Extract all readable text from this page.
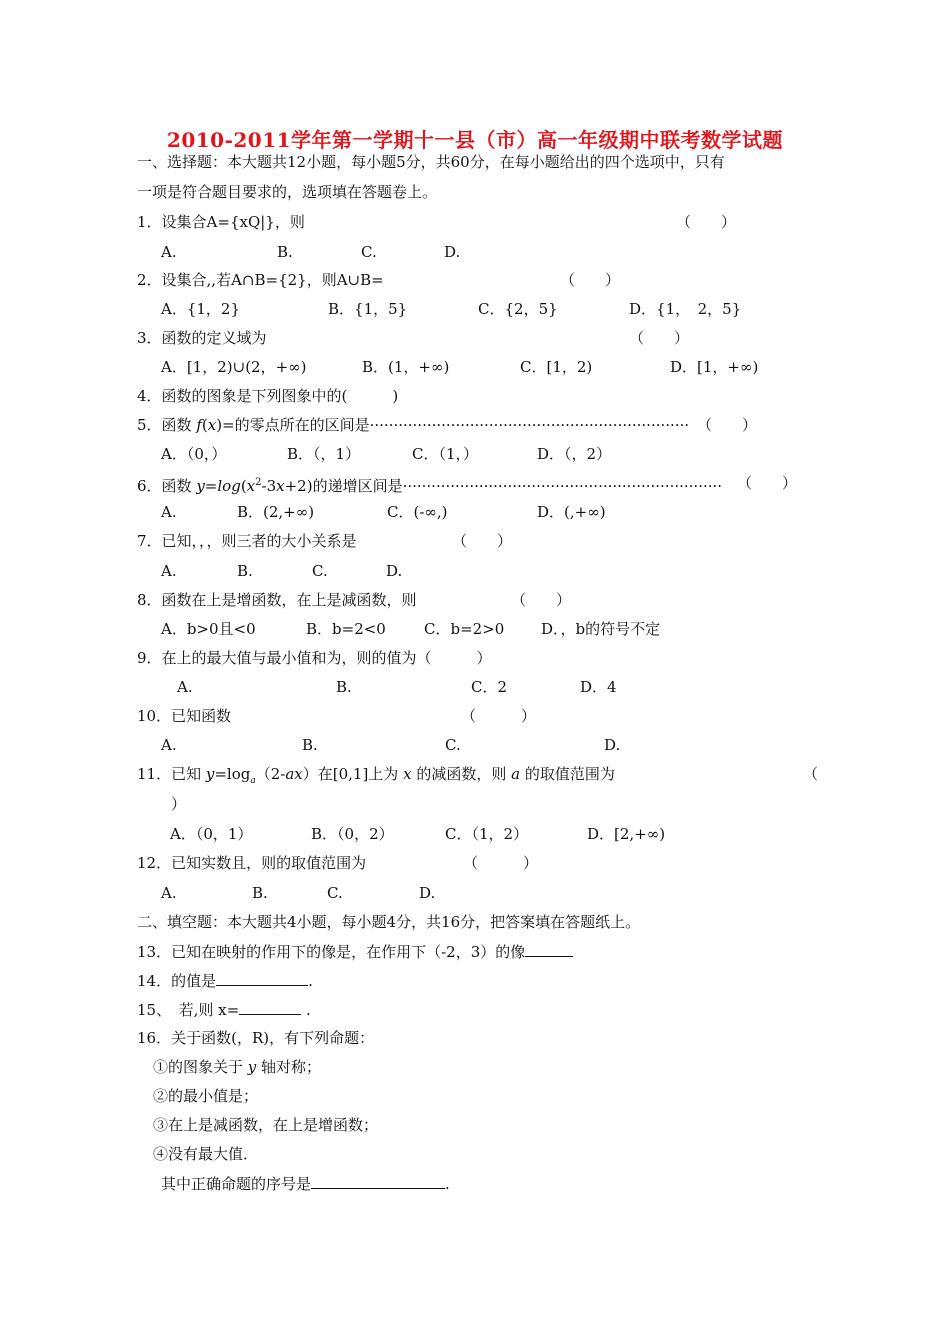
2010-2011学年第一学期十一县（市）高一年级期中联考数学试题
一、选择题：本大题共12小题，每小题5分，共60分，在每小题给出的四个选项中，只有
一项是符合题目要求的，选项填在答题卷上。
1．设集合A={xQ|}，则	（　　）
A.	B.	C.	D.
2．设集合,,若A∩B={2}，则A∪B=	（　　）
A．{1，2}	B．{1，5}	C．{2，5}	D．{1，　2，5}
3．函数的定义域为	（　　）
A．[1，2)∪(2，+∞)	B．(1，+∞)	C．[1，2)	D．[1，+∞)
4．函数的图象是下列图象中的(　　　)
5．函数 f(x)=的零点所在的区间是··································································· （　　）
A．（0，）	B．（，1）	C．（1，）	D．（，2）
6．函数 $y=\log(x^2-3x+2)$的递增区间是··································································· （　　）
A.	B．(2,+∞)	C．(-∞,)	D．(,+∞)
7．已知，，，则三者的大小关系是	（　　）
A.	B.	C.	D.
8．函数在上是增函数，在上是减函数，则	（　　）
A．b>0且<0	B．b=2<0	C．b=2>0 D．，b的符号不定
9．在上的最大值与最小值和为，则的值为（　　　）
A.	B.	C．2	D．4
10．已知函数	（　　　）
A.	B.	C.	D.
11．已知 $y=\log_a(2-ax)$在[0,1]上为 x 的减函数，则 a 的取值范围为	（
）
A．（0，1）	B．（0，2）	C．（1，2）	D．[2,+∞)
12．已知实数且，则的取值范围为	（　　　）
A.	B.	C.	D.
二、填空题：本大题共4小题，每小题4分，共16分，把答案填在答题纸上。
13．已知在映射的作用下的像是，在作用下（-2，3）的像
14．的值是	.
15、　若,则 x=	.
16．关于函数(，R)，有下列命题：
①的图象关于 y 轴对称；
②的最小值是；
③在上是减函数，在上是增函数；
④没有最大值．
其中正确命题的序号是	.
